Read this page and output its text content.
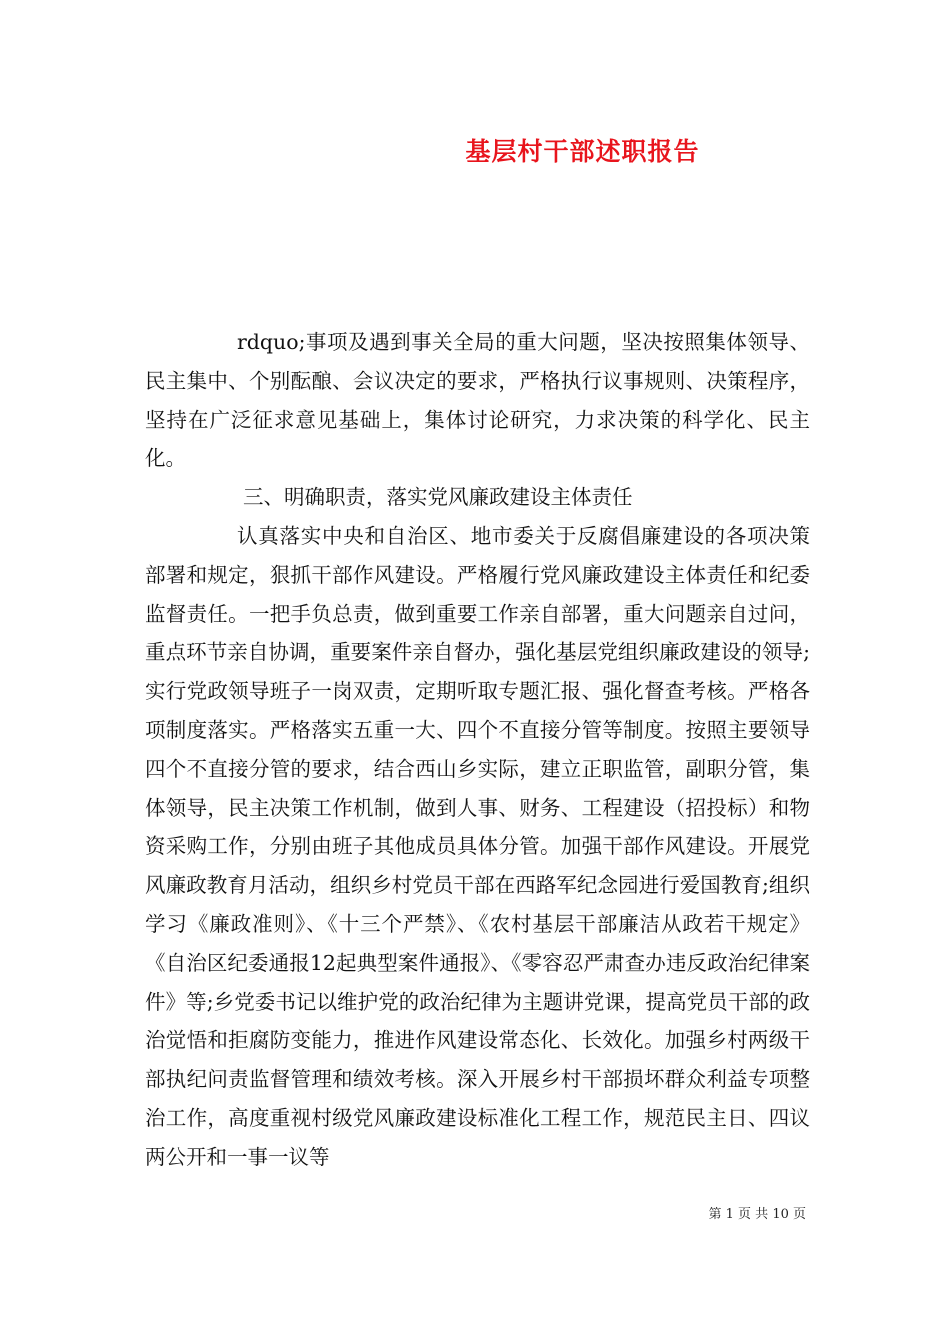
基层村干部述职报告

rdquo;事项及遇到事关全局的重大问题，坚决按照集体领导、民主集中、个别酝酿、会议决定的要求，严格执行议事规则、决策程序，坚持在广泛征求意见基础上，集体讨论研究，力求决策的科学化、民主化。

三、明确职责，落实党风廉政建设主体责任

认真落实中央和自治区、地市委关于反腐倡廉建设的各项决策部署和规定，狠抓干部作风建设。严格履行党风廉政建设主体责任和纪委监督责任。一把手负总责，做到重要工作亲自部署，重大问题亲自过问，重点环节亲自协调，重要案件亲自督办，强化基层党组织廉政建设的领导;实行党政领导班子一岗双责，定期听取专题汇报、强化督查考核。严格各项制度落实。严格落实五重一大、四个不直接分管等制度。按照主要领导四个不直接分管的要求，结合西山乡实际，建立正职监管，副职分管，集体领导，民主决策工作机制，做到人事、财务、工程建设（招投标）和物资采购工作，分别由班子其他成员具体分管。加强干部作风建设。开展党风廉政教育月活动，组织乡村党员干部在西路军纪念园进行爱国教育;组织学习《廉政准则》、《十三个严禁》、《农村基层干部廉洁从政若干规定》《自治区纪委通报12起典型案件通报》、《零容忍严肃查办违反政治纪律案件》等;乡党委书记以维护党的政治纪律为主题讲党课，提高党员干部的政治觉悟和拒腐防变能力，推进作风建设常态化、长效化。加强乡村两级干部执纪问责监督管理和绩效考核。深入开展乡村干部损坏群众利益专项整治工作，高度重视村级党风廉政建设标准化工程工作，规范民主日、四议两公开和一事一议等

第 1 页 共 10 页
